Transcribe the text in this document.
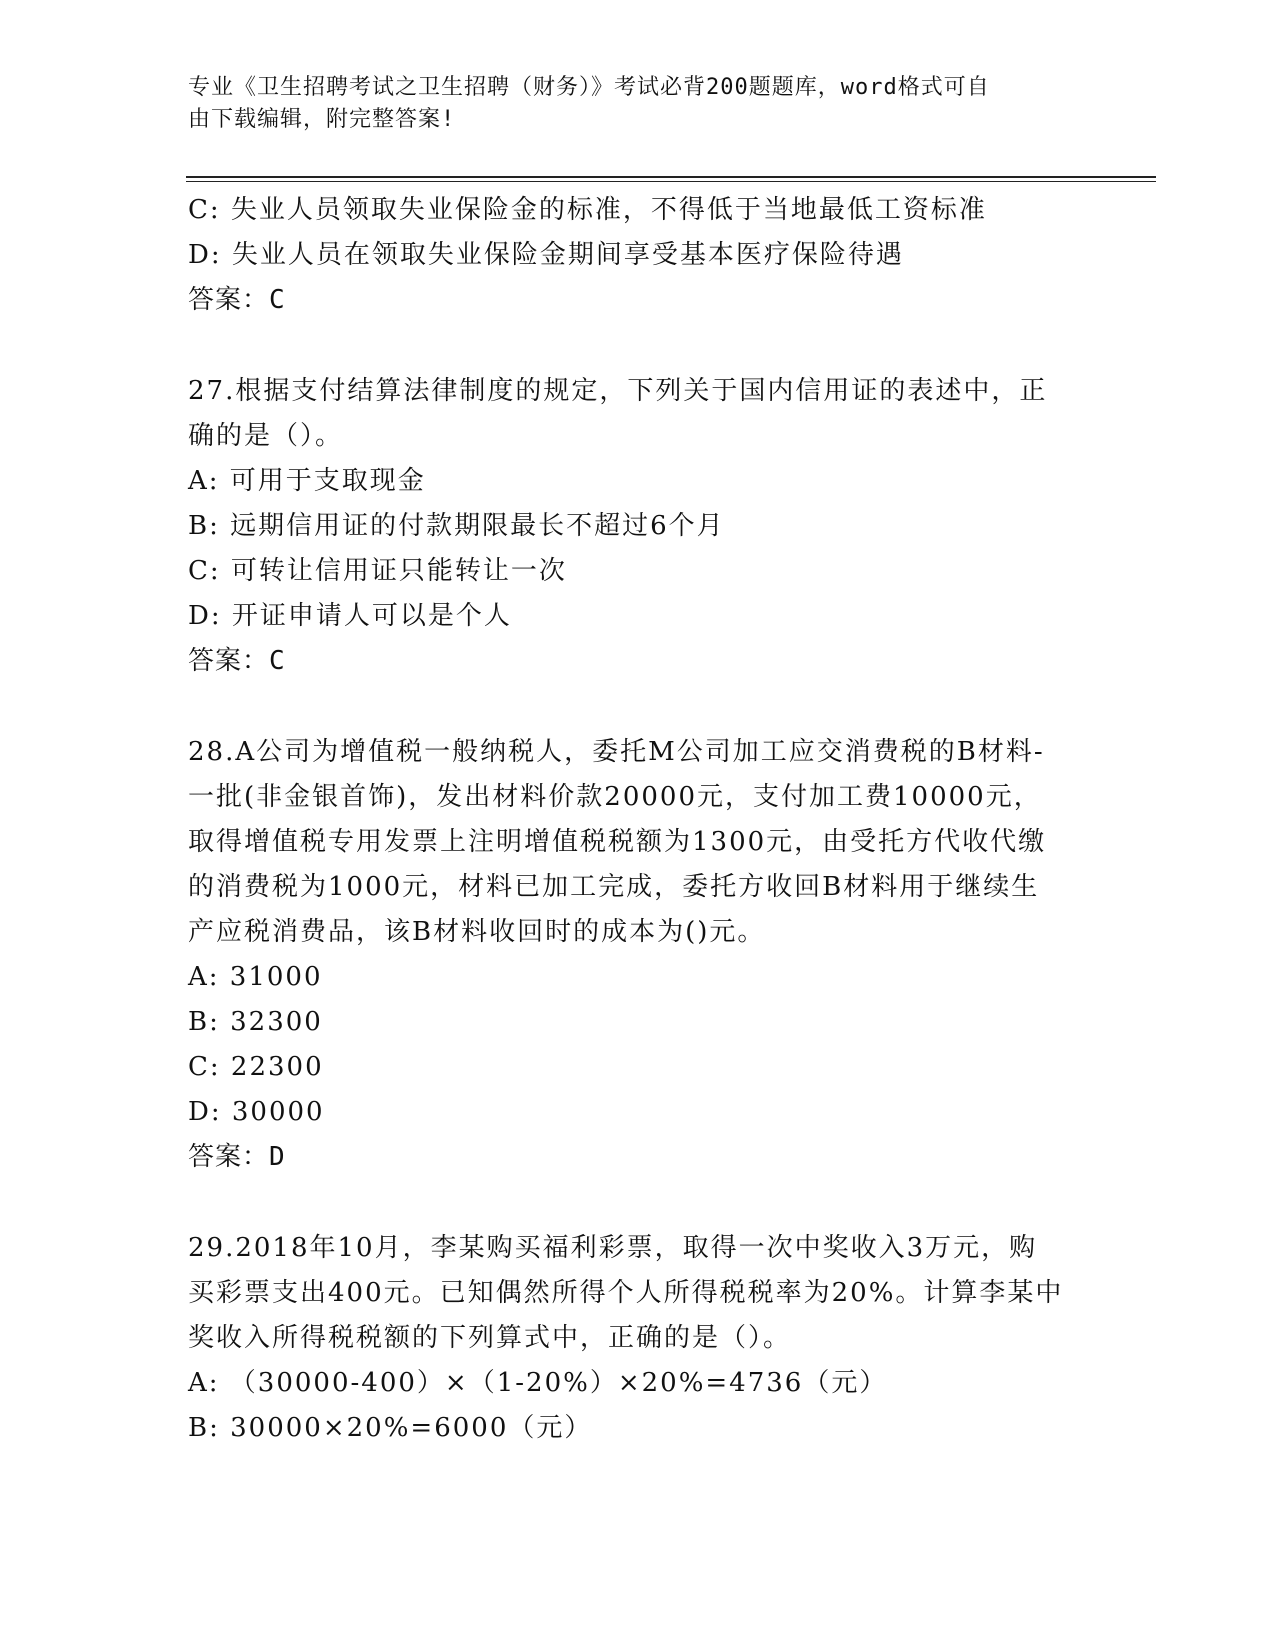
专业《卫生招聘考试之卫生招聘（财务）》考试必背200题题库，word格式可自
由下载编辑，附完整答案!
C: 失业人员领取失业保险金的标准，不得低于当地最低工资标准
D: 失业人员在领取失业保险金期间享受基本医疗保险待遇
答案：C
27.根据支付结算法律制度的规定，下列关于国内信用证的表述中，正
确的是（）。
A: 可用于支取现金
B: 远期信用证的付款期限最长不超过6个月
C: 可转让信用证只能转让一次
D: 开证申请人可以是个人
答案：C
28.A公司为增值税一般纳税人，委托M公司加工应交消费税的B材料-
一批(非金银首饰)，发出材料价款20000元，支付加工费10000元，
取得增值税专用发票上注明增值税税额为1300元，由受托方代收代缴
的消费税为1000元，材料已加工完成，委托方收回B材料用于继续生
产应税消费品，该B材料收回时的成本为()元。
A: 31000
B: 32300
C: 22300
D: 30000
答案：D
29.2018年10月，李某购买福利彩票，取得一次中奖收入3万元，购
买彩票支出400元。已知偶然所得个人所得税税率为20%。计算李某中
奖收入所得税税额的下列算式中，正确的是（）。
A: （30000-400）×（1-20%）×20%=4736（元）
B: 30000×20%=6000（元）
